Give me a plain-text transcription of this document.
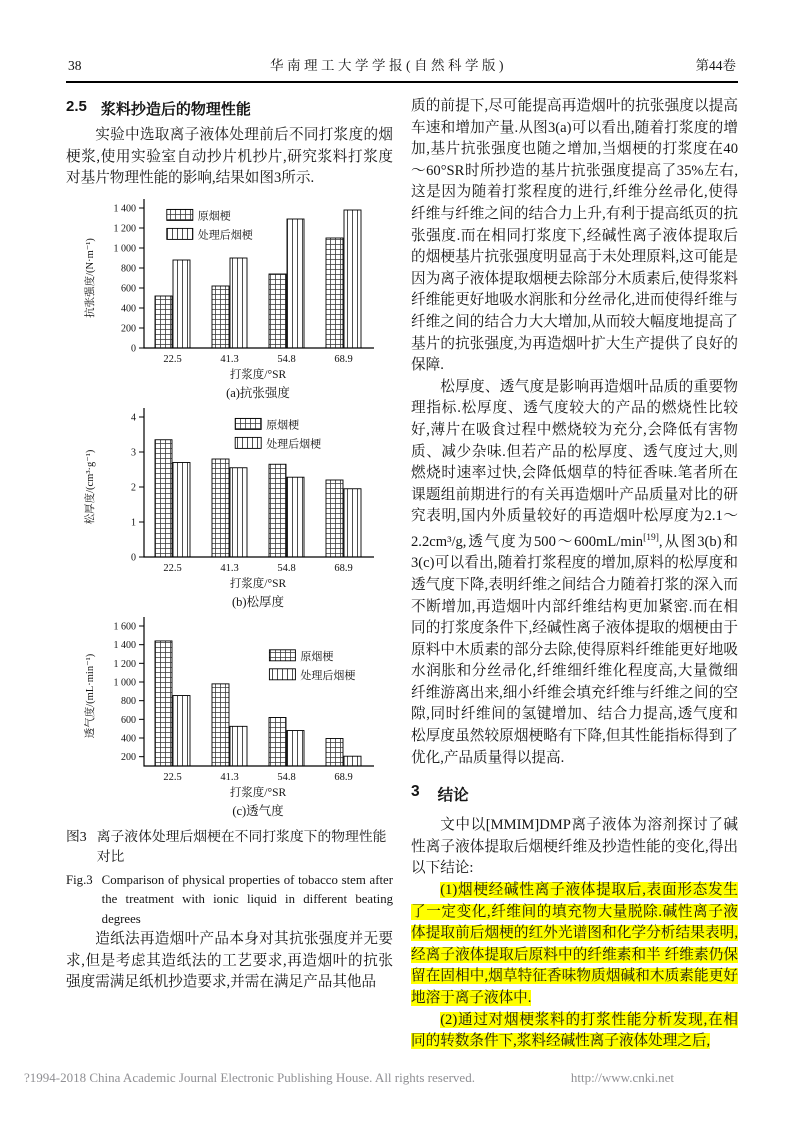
38	华南理工大学学报(自然科学版)	第44卷
2.5 浆料抄造后的物理性能

实验中选取离子液体处理前后不同打浆度的烟梗浆,使用实验室自动抄片机抄片,研究浆料打浆度对基片物理性能的影响,结果如图3所示.

0
200
400
600
800
1 000
1 200
1 400
22.5	41.3	54.8	68.9
抗张强度/(N·m⁻¹)
打浆度/°SR
(a)抗张强度
原烟梗
处理后烟梗
0
1
2
3
4
22.5	41.3	54.8	68.9
松厚度/(cm³·g⁻¹)
打浆度/°SR
(b)松厚度
原烟梗
处理后烟梗
200
400
600
800
1 000
1 200
1 400
1 600
22.5	41.3	54.8	68.9
透气度/(mL·min⁻¹)
打浆度/°SR
(c)透气度
原烟梗
处理后烟梗
图3 离子液体处理后烟梗在不同打浆度下的物理性能对比
Fig.3 Comparison of physical properties of tobacco stem after the treatment with ionic liquid in different beating degrees

造纸法再造烟叶产品本身对其抗张强度并无要求,但是考虑其造纸法的工艺要求,再造烟叶的抗张强度需满足纸机抄造要求,并需在满足产品其他品

质的前提下,尽可能提高再造烟叶的抗张强度以提高车速和增加产量.从图3(a)可以看出,随着打浆度的增加,基片抗张强度也随之增加,当烟梗的打浆度在40～60°SR时所抄造的基片抗张强度提高了35%左右,这是因为随着打浆程度的进行,纤维分丝帚化,使得纤维与纤维之间的结合力上升,有利于提高纸页的抗张强度.而在相同打浆度下,经碱性离子液体提取后的烟梗基片抗张强度明显高于未处理原料,这可能是因为离子液体提取烟梗去除部分木质素后,使得浆料纤维能更好地吸水润胀和分丝帚化,进而使得纤维与纤维之间的结合力大大增加,从而较大幅度地提高了基片的抗张强度,为再造烟叶扩大生产提供了良好的保障.

松厚度、透气度是影响再造烟叶品质的重要物理指标.松厚度、透气度较大的产品的燃烧性比较好,薄片在吸食过程中燃烧较为充分,会降低有害物质、减少杂味.但若产品的松厚度、透气度过大,则燃烧时速率过快,会降低烟草的特征香味.笔者所在课题组前期进行的有关再造烟叶产品质量对比的研究表明,国内外质量较好的再造烟叶松厚度为2.1～2.2cm³/g,透气度为500～600mL/min[19],从图3(b)和3(c)可以看出,随着打浆程度的增加,原料的松厚度和透气度下降,表明纤维之间结合力随着打浆的深入而不断增加,再造烟叶内部纤维结构更加紧密.而在相同的打浆度条件下,经碱性离子液体提取的烟梗由于原料中木质素的部分去除,使得原料纤维能更好地吸水润胀和分丝帚化,纤维细纤维化程度高,大量微细纤维游离出来,细小纤维会填充纤维与纤维之间的空隙,同时纤维间的氢键增加、结合力提高,透气度和松厚度虽然较原烟梗略有下降,但其性能指标得到了优化,产品质量得以提高.

3 结论

文中以[MMIM]DMP离子液体为溶剂探讨了碱性离子液体提取后烟梗纤维及抄造性能的变化,得出以下结论:

(1)烟梗经碱性离子液体提取后,表面形态发生了一定变化,纤维间的填充物大量脱除.碱性离子液体提取前后烟梗的红外光谱图和化学分析结果表明,经离子液体提取后原料中的纤维素和半 纤维素仍保留在固相中,烟草特征香味物质烟碱和木质素能更好地溶于离子液体中.

(2)通过对烟梗浆料的打浆性能分析发现,在相同的转数条件下,浆料经碱性离子液体处理之后,

?1994-2018 China Academic Journal Electronic Publishing House. All rights reserved.	http://www.cnki.net
